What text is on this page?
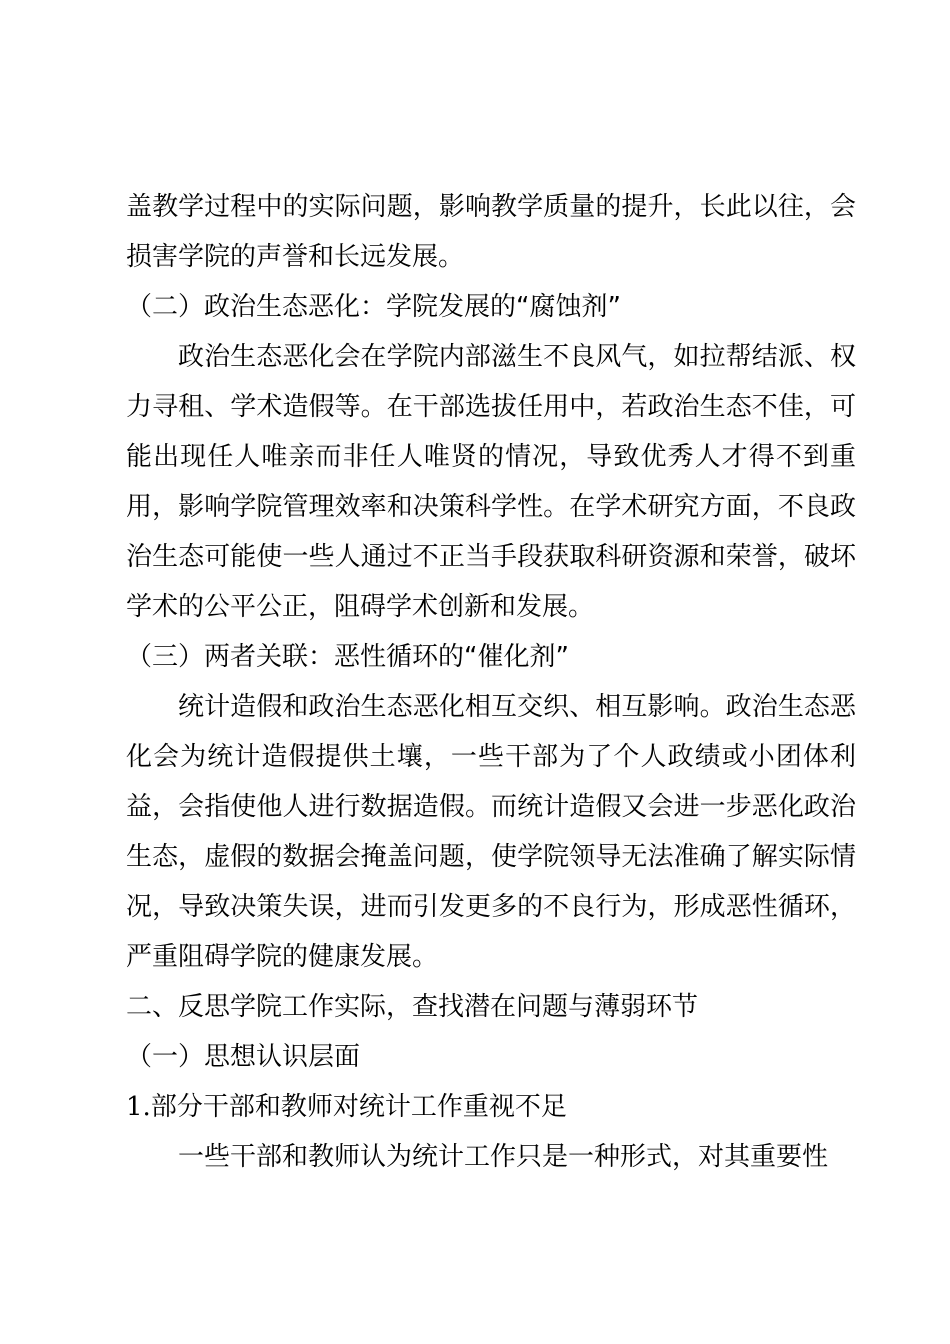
盖教学过程中的实际问题，影响教学质量的提升，长此以往，会损害学院的声誉和长远发展。

（二）政治生态恶化：学院发展的“腐蚀剂”

政治生态恶化会在学院内部滋生不良风气，如拉帮结派、权力寻租、学术造假等。在干部选拔任用中，若政治生态不佳，可能出现任人唯亲而非任人唯贤的情况，导致优秀人才得不到重用，影响学院管理效率和决策科学性。在学术研究方面，不良政治生态可能使一些人通过不正当手段获取科研资源和荣誉，破坏学术的公平公正，阻碍学术创新和发展。

（三）两者关联：恶性循环的“催化剂”

统计造假和政治生态恶化相互交织、相互影响。政治生态恶化会为统计造假提供土壤，一些干部为了个人政绩或小团体利益，会指使他人进行数据造假。而统计造假又会进一步恶化政治生态，虚假的数据会掩盖问题，使学院领导无法准确了解实际情况，导致决策失误，进而引发更多的不良行为，形成恶性循环，严重阻碍学院的健康发展。

二、反思学院工作实际，查找潜在问题与薄弱环节

（一）思想认识层面

1.部分干部和教师对统计工作重视不足

一些干部和教师认为统计工作只是一种形式，对其重要性
